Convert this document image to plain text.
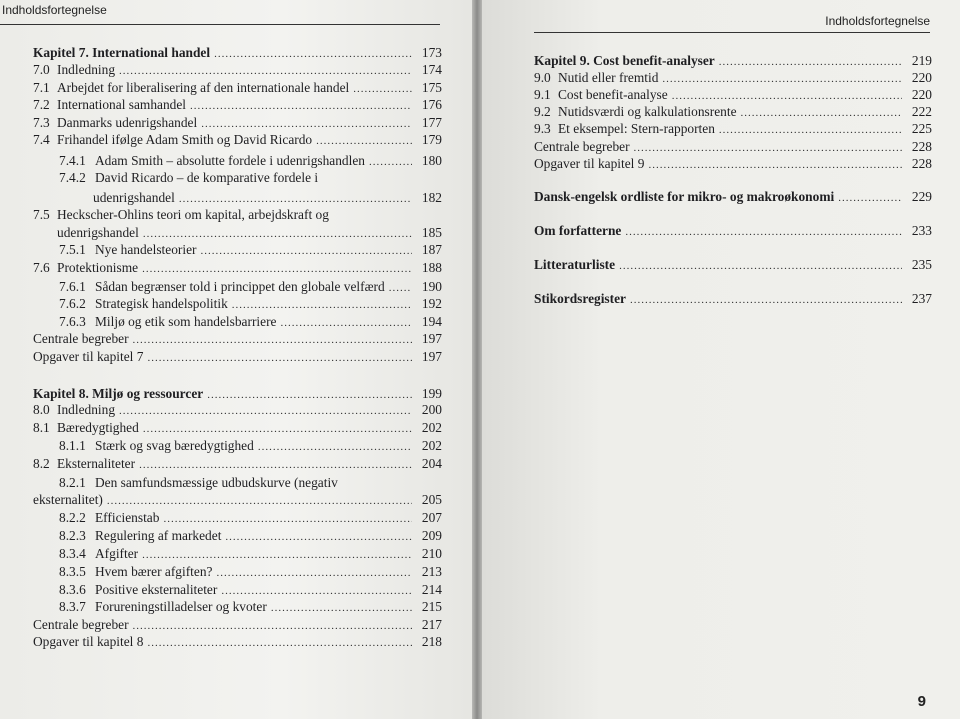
Indholdsfortegnelse
Kapitel 7. International handel .....	173
7.0 Indledning .....	174
7.1 Arbejdet for liberalisering af den internationale handel .....	175
7.2 International samhandel .....	176
7.3 Danmarks udenrigshandel .....	177
7.4 Frihandel ifølge Adam Smith og David Ricardo .....	179
7.4.1 Adam Smith – absolutte fordele i udenrigshandlen .....	180
7.4.2 David Ricardo – de komparative fordele i
udenrigshandel .....	182
7.5 Heckscher-Ohlins teori om kapital, arbejdskraft og
udenrigshandel .....	185
7.5.1 Nye handelsteorier .....	187
7.6 Protektionisme .....	188
7.6.1 Sådan begrænser told i princippet den globale velfærd .....	190
7.6.2 Strategisk handelspolitik .....	192
7.6.3 Miljø og etik som handelsbarriere .....	194
Centrale begreber .....	197
Opgaver til kapitel 7 .....	197
Kapitel 8. Miljø og ressourcer .....	199
8.0 Indledning .....	200
8.1 Bæredygtighed .....	202
8.1.1 Stærk og svag bæredygtighed .....	202
8.2 Eksternaliteter .....	204
8.2.1 Den samfundsmæssige udbudskurve (negativ
eksternalitet) .....	205
8.2.2 Efficienstab .....	207
8.2.3 Regulering af markedet .....	209
8.3.4 Afgifter .....	210
8.3.5 Hvem bærer afgiften? .....	213
8.3.6 Positive eksternaliteter .....	214
8.3.7 Forureningstilladelser og kvoter .....	215
Centrale begreber .....	217
Opgaver til kapitel 8 .....	218
Indholdsfortegnelse
Kapitel 9. Cost benefit-analyser .....	219
9.0 Nutid eller fremtid .....	220
9.1 Cost benefit-analyse .....	220
9.2 Nutidsværdi og kalkulationsrente .....	222
9.3 Et eksempel: Stern-rapporten .....	225
Centrale begreber .....	228
Opgaver til kapitel 9 .....	228
Dansk-engelsk ordliste for mikro- og makroøkonomi .....	229
Om forfatterne .....	233
Litteraturliste .....	235
Stikordsregister .....	237
9
